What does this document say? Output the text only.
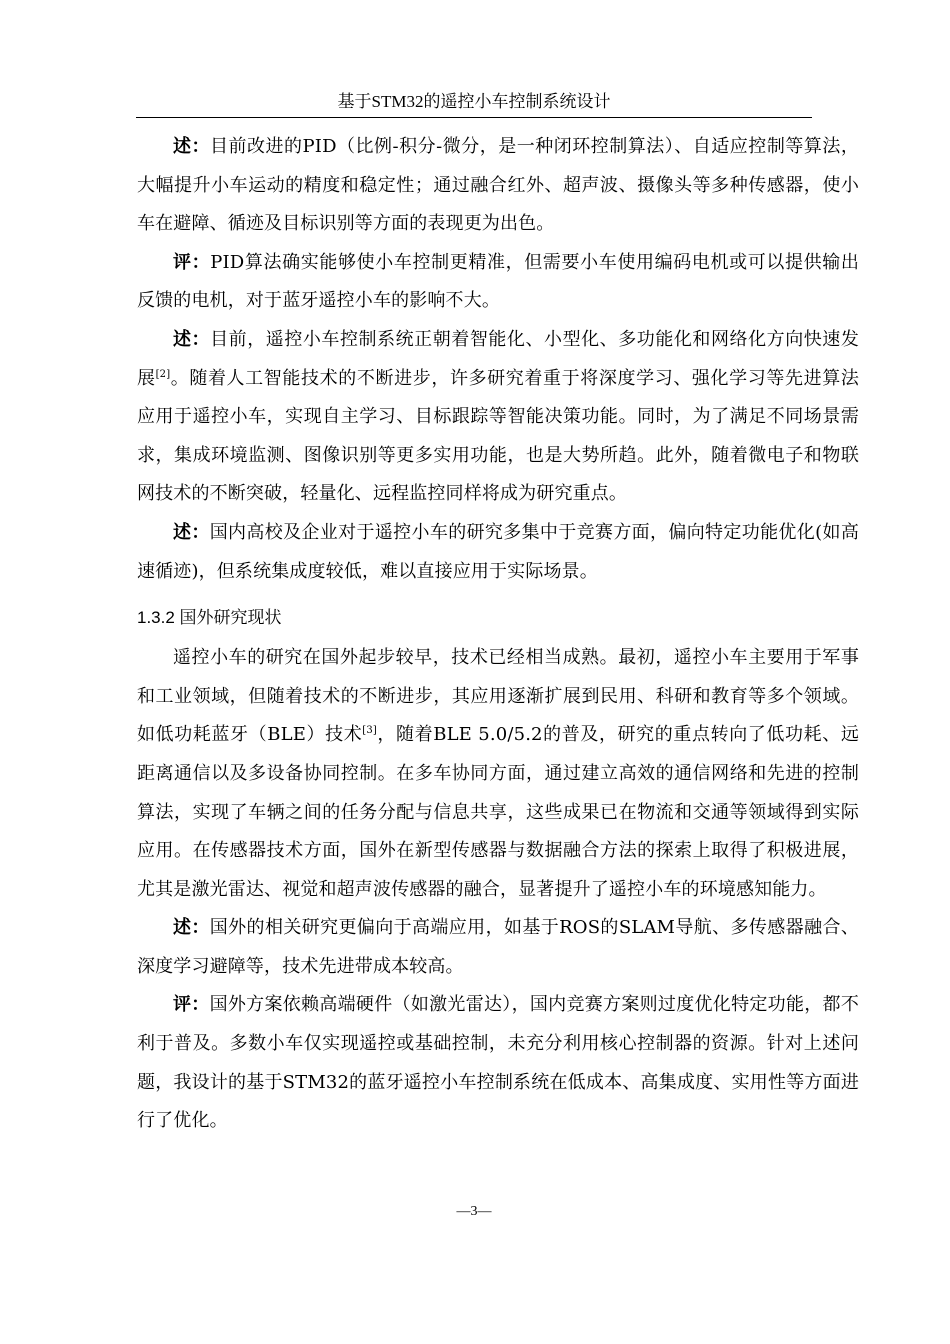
基于STM32的遥控小车控制系统设计

述：目前改进的PID（比例-积分-微分，是一种闭环控制算法）、自适应控制等算法，大幅提升小车运动的精度和稳定性；通过融合红外、超声波、摄像头等多种传感器，使小车在避障、循迹及目标识别等方面的表现更为出色。

评：PID算法确实能够使小车控制更精准，但需要小车使用编码电机或可以提供输出反馈的电机，对于蓝牙遥控小车的影响不大。

述：目前，遥控小车控制系统正朝着智能化、小型化、多功能化和网络化方向快速发展[2]。随着人工智能技术的不断进步，许多研究着重于将深度学习、强化学习等先进算法应用于遥控小车，实现自主学习、目标跟踪等智能决策功能。同时，为了满足不同场景需求，集成环境监测、图像识别等更多实用功能，也是大势所趋。此外，随着微电子和物联网技术的不断突破，轻量化、远程监控同样将成为研究重点。

述：国内高校及企业对于遥控小车的研究多集中于竞赛方面，偏向特定功能优化(如高速循迹)，但系统集成度较低，难以直接应用于实际场景。

1.3.2 国外研究现状

遥控小车的研究在国外起步较早，技术已经相当成熟。最初，遥控小车主要用于军事和工业领域，但随着技术的不断进步，其应用逐渐扩展到民用、科研和教育等多个领域。如低功耗蓝牙（BLE）技术[3]，随着BLE 5.0/5.2的普及，研究的重点转向了低功耗、远距离通信以及多设备协同控制。在多车协同方面，通过建立高效的通信网络和先进的控制算法，实现了车辆之间的任务分配与信息共享，这些成果已在物流和交通等领域得到实际应用。在传感器技术方面，国外在新型传感器与数据融合方法的探索上取得了积极进展，尤其是激光雷达、视觉和超声波传感器的融合，显著提升了遥控小车的环境感知能力。

述：国外的相关研究更偏向于高端应用，如基于ROS的SLAM导航、多传感器融合、深度学习避障等，技术先进带成本较高。

评：国外方案依赖高端硬件（如激光雷达），国内竞赛方案则过度优化特定功能，都不利于普及。多数小车仅实现遥控或基础控制，未充分利用核心控制器的资源。针对上述问题，我设计的基于STM32的蓝牙遥控小车控制系统在低成本、高集成度、实用性等方面进行了优化。

—3—
